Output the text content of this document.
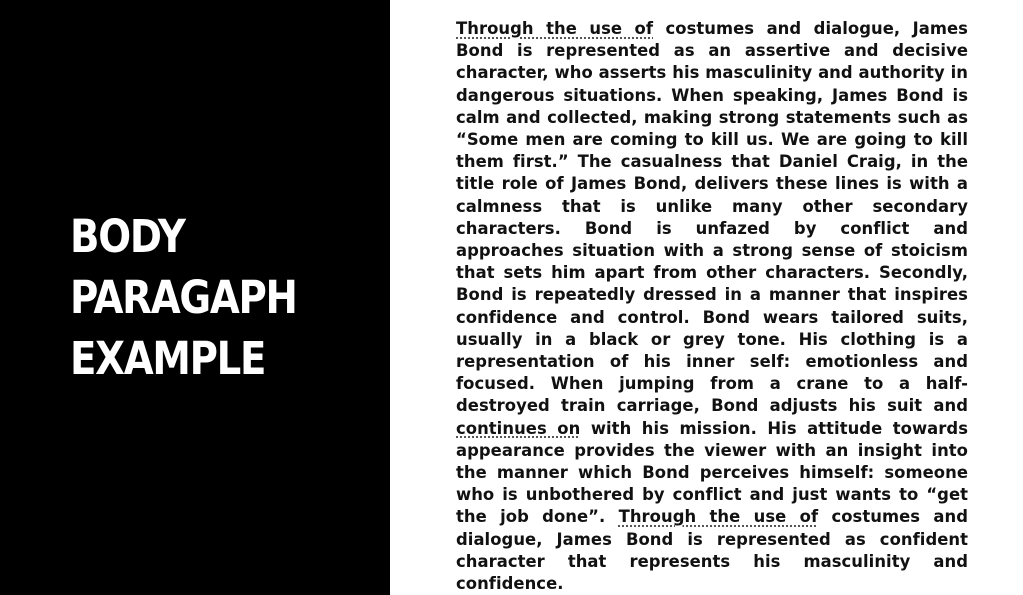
BODY
PARAGAPH
EXAMPLE

Through the use of costumes and dialogue, James Bond is represented as an assertive and decisive character, who asserts his masculinity and authority in dangerous situations. When speaking, James Bond is calm and collected, making strong statements such as “Some men are coming to kill us. We are going to kill them first.” The casualness that Daniel Craig, in the title role of James Bond, delivers these lines is with a calmness that is unlike many other secondary characters. Bond is unfazed by conflict and approaches situation with a strong sense of stoicism that sets him apart from other characters. Secondly, Bond is repeatedly dressed in a manner that inspires confidence and control. Bond wears tailored suits, usually in a black or grey tone. His clothing is a representation of his inner self: emotionless and focused. When jumping from a crane to a half-destroyed train carriage, Bond adjusts his suit and continues on with his mission. His attitude towards appearance provides the viewer with an insight into the manner which Bond perceives himself: someone who is unbothered by conflict and just wants to “get the job done”. Through the use of costumes and dialogue, James Bond is represented as confident character that represents his masculinity and confidence.
